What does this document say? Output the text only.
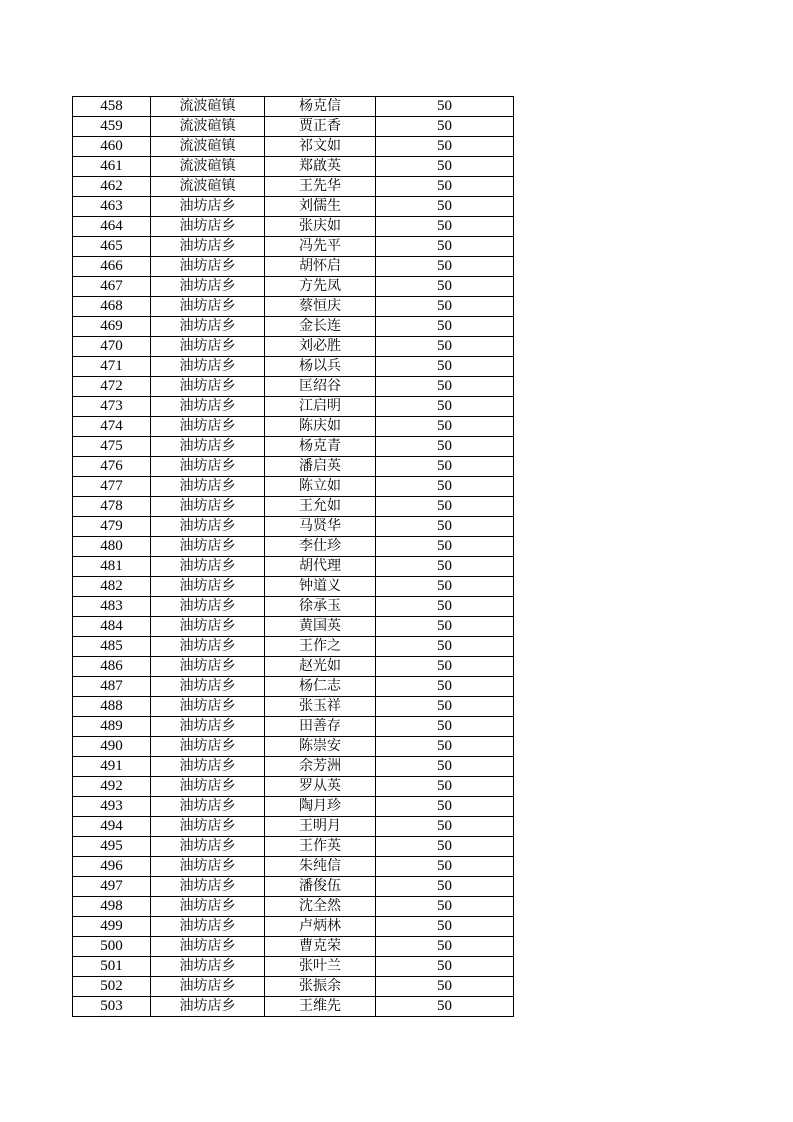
458	流波碹镇	杨克信	50
459	流波碹镇	贾正香	50
460	流波碹镇	祁文如	50
461	流波碹镇	郑啟英	50
462	流波碹镇	王先华	50
463	油坊店乡	刘儒生	50
464	油坊店乡	张庆如	50
465	油坊店乡	冯先平	50
466	油坊店乡	胡怀启	50
467	油坊店乡	方先凤	50
468	油坊店乡	蔡恒庆	50
469	油坊店乡	金长连	50
470	油坊店乡	刘必胜	50
471	油坊店乡	杨以兵	50
472	油坊店乡	匡绍谷	50
473	油坊店乡	江启明	50
474	油坊店乡	陈庆如	50
475	油坊店乡	杨克青	50
476	油坊店乡	潘启英	50
477	油坊店乡	陈立如	50
478	油坊店乡	王允如	50
479	油坊店乡	马贤华	50
480	油坊店乡	李仕珍	50
481	油坊店乡	胡代理	50
482	油坊店乡	钟道义	50
483	油坊店乡	徐承玉	50
484	油坊店乡	黄国英	50
485	油坊店乡	王作之	50
486	油坊店乡	赵光如	50
487	油坊店乡	杨仁志	50
488	油坊店乡	张玉祥	50
489	油坊店乡	田善存	50
490	油坊店乡	陈崇安	50
491	油坊店乡	余芳洲	50
492	油坊店乡	罗从英	50
493	油坊店乡	陶月珍	50
494	油坊店乡	王明月	50
495	油坊店乡	王作英	50
496	油坊店乡	朱纯信	50
497	油坊店乡	潘俊伍	50
498	油坊店乡	沈全然	50
499	油坊店乡	卢炳林	50
500	油坊店乡	曹克荣	50
501	油坊店乡	张叶兰	50
502	油坊店乡	张振余	50
503	油坊店乡	王维先	50
